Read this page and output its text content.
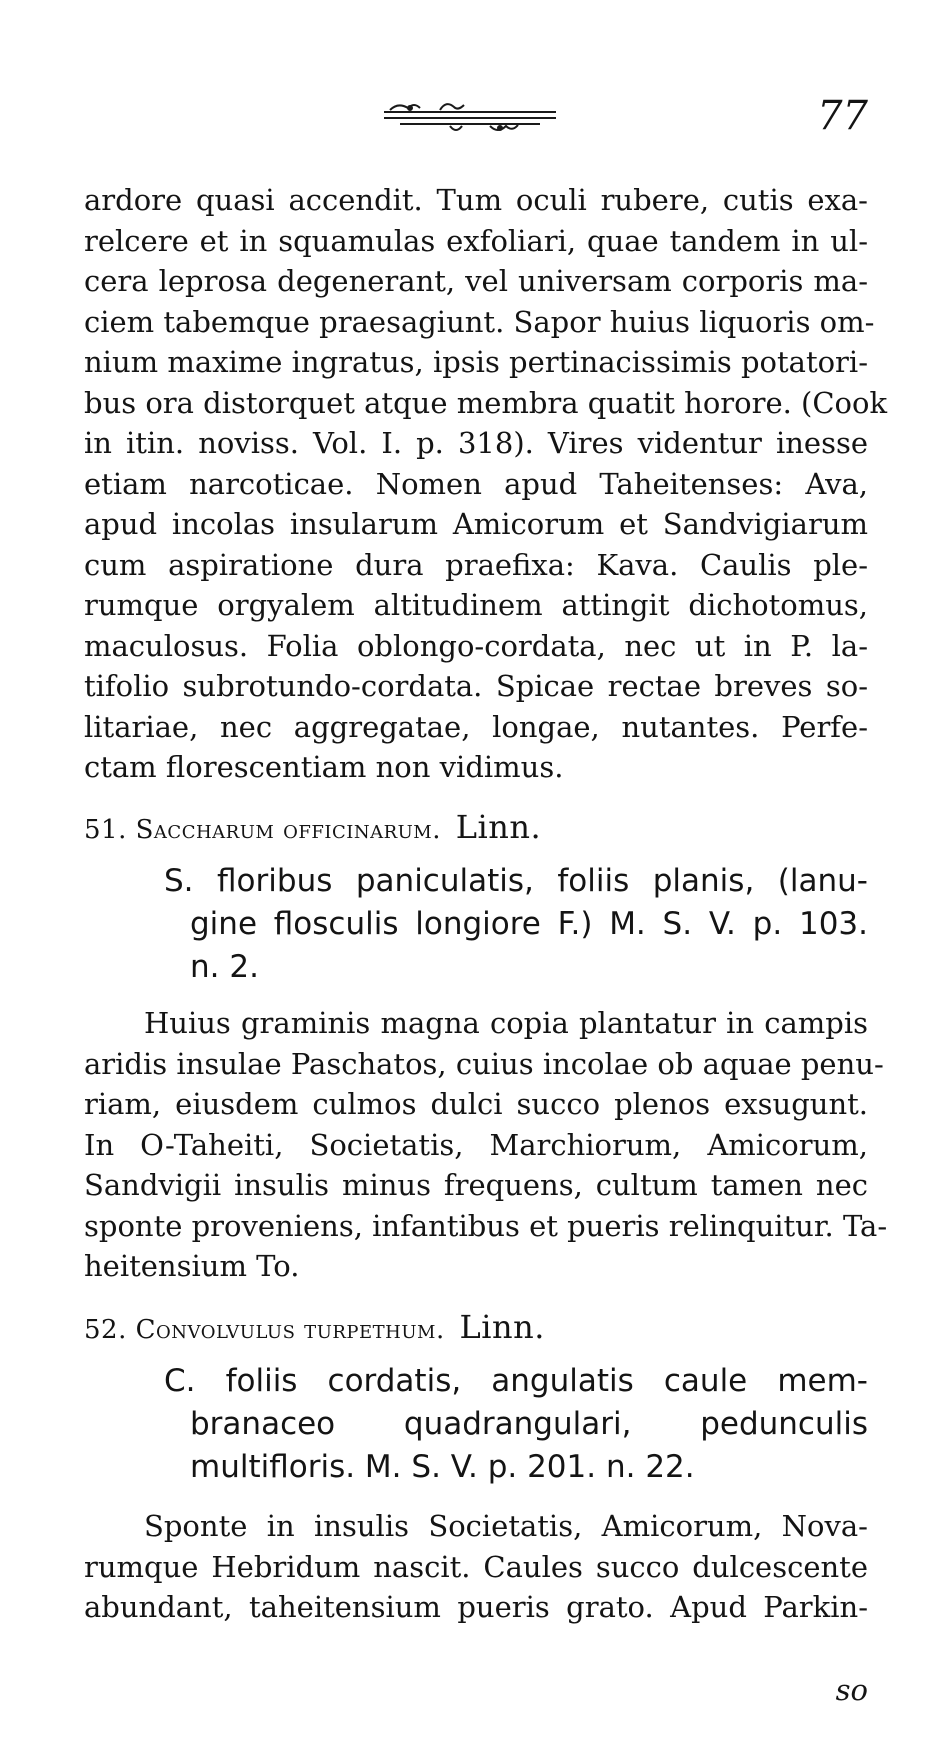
77
ardore quasi accendit. Tum oculi rubere, cutis exa-
relcere et in squamulas exfoliari, quae tandem in ul-
cera leprosa degenerant, vel universam corporis ma-
ciem tabemque praesagiunt. Sapor huius liquoris om-
nium maxime ingratus, ipsis pertinacissimis potatori-
bus ora distorquet atque membra quatit horore. (Cook
in itin. noviss. Vol. I. p. 318). Vires videntur inesse
etiam narcoticae. Nomen apud Taheitenses: Ava,
apud incolas insularum Amicorum et Sandvigiarum
cum aspiratione dura praefixa: Kava. Caulis ple-
rumque orgyalem altitudinem attingit dichotomus,
maculosus. Folia oblongo-cordata, nec ut in P. la-
tifolio subrotundo-cordata. Spicae rectae breves so-
litariae, nec aggregatae, longae, nutantes. Perfe-
ctam florescentiam non vidimus.
51. Saccharum officinarum. Linn.
S. floribus paniculatis, foliis planis, (lanu-
gine flosculis longiore F.) M. S. V. p. 103.
n. 2.
Huius graminis magna copia plantatur in campis
aridis insulae Paschatos, cuius incolae ob aquae penu-
riam, eiusdem culmos dulci succo plenos exsugunt.
In O-Taheiti, Societatis, Marchiorum, Amicorum,
Sandvigii insulis minus frequens, cultum tamen nec
sponte proveniens, infantibus et pueris relinquitur. Ta-
heitensium To.
52. Convolvulus turpethum. Linn.
C. foliis cordatis, angulatis caule mem-
branaceo quadrangulari, pedunculis
multifloris. M. S. V. p. 201. n. 22.
Sponte in insulis Societatis, Amicorum, Nova-
rumque Hebridum nascit. Caules succo dulcescente
abundant, taheitensium pueris grato. Apud Parkin-
so
